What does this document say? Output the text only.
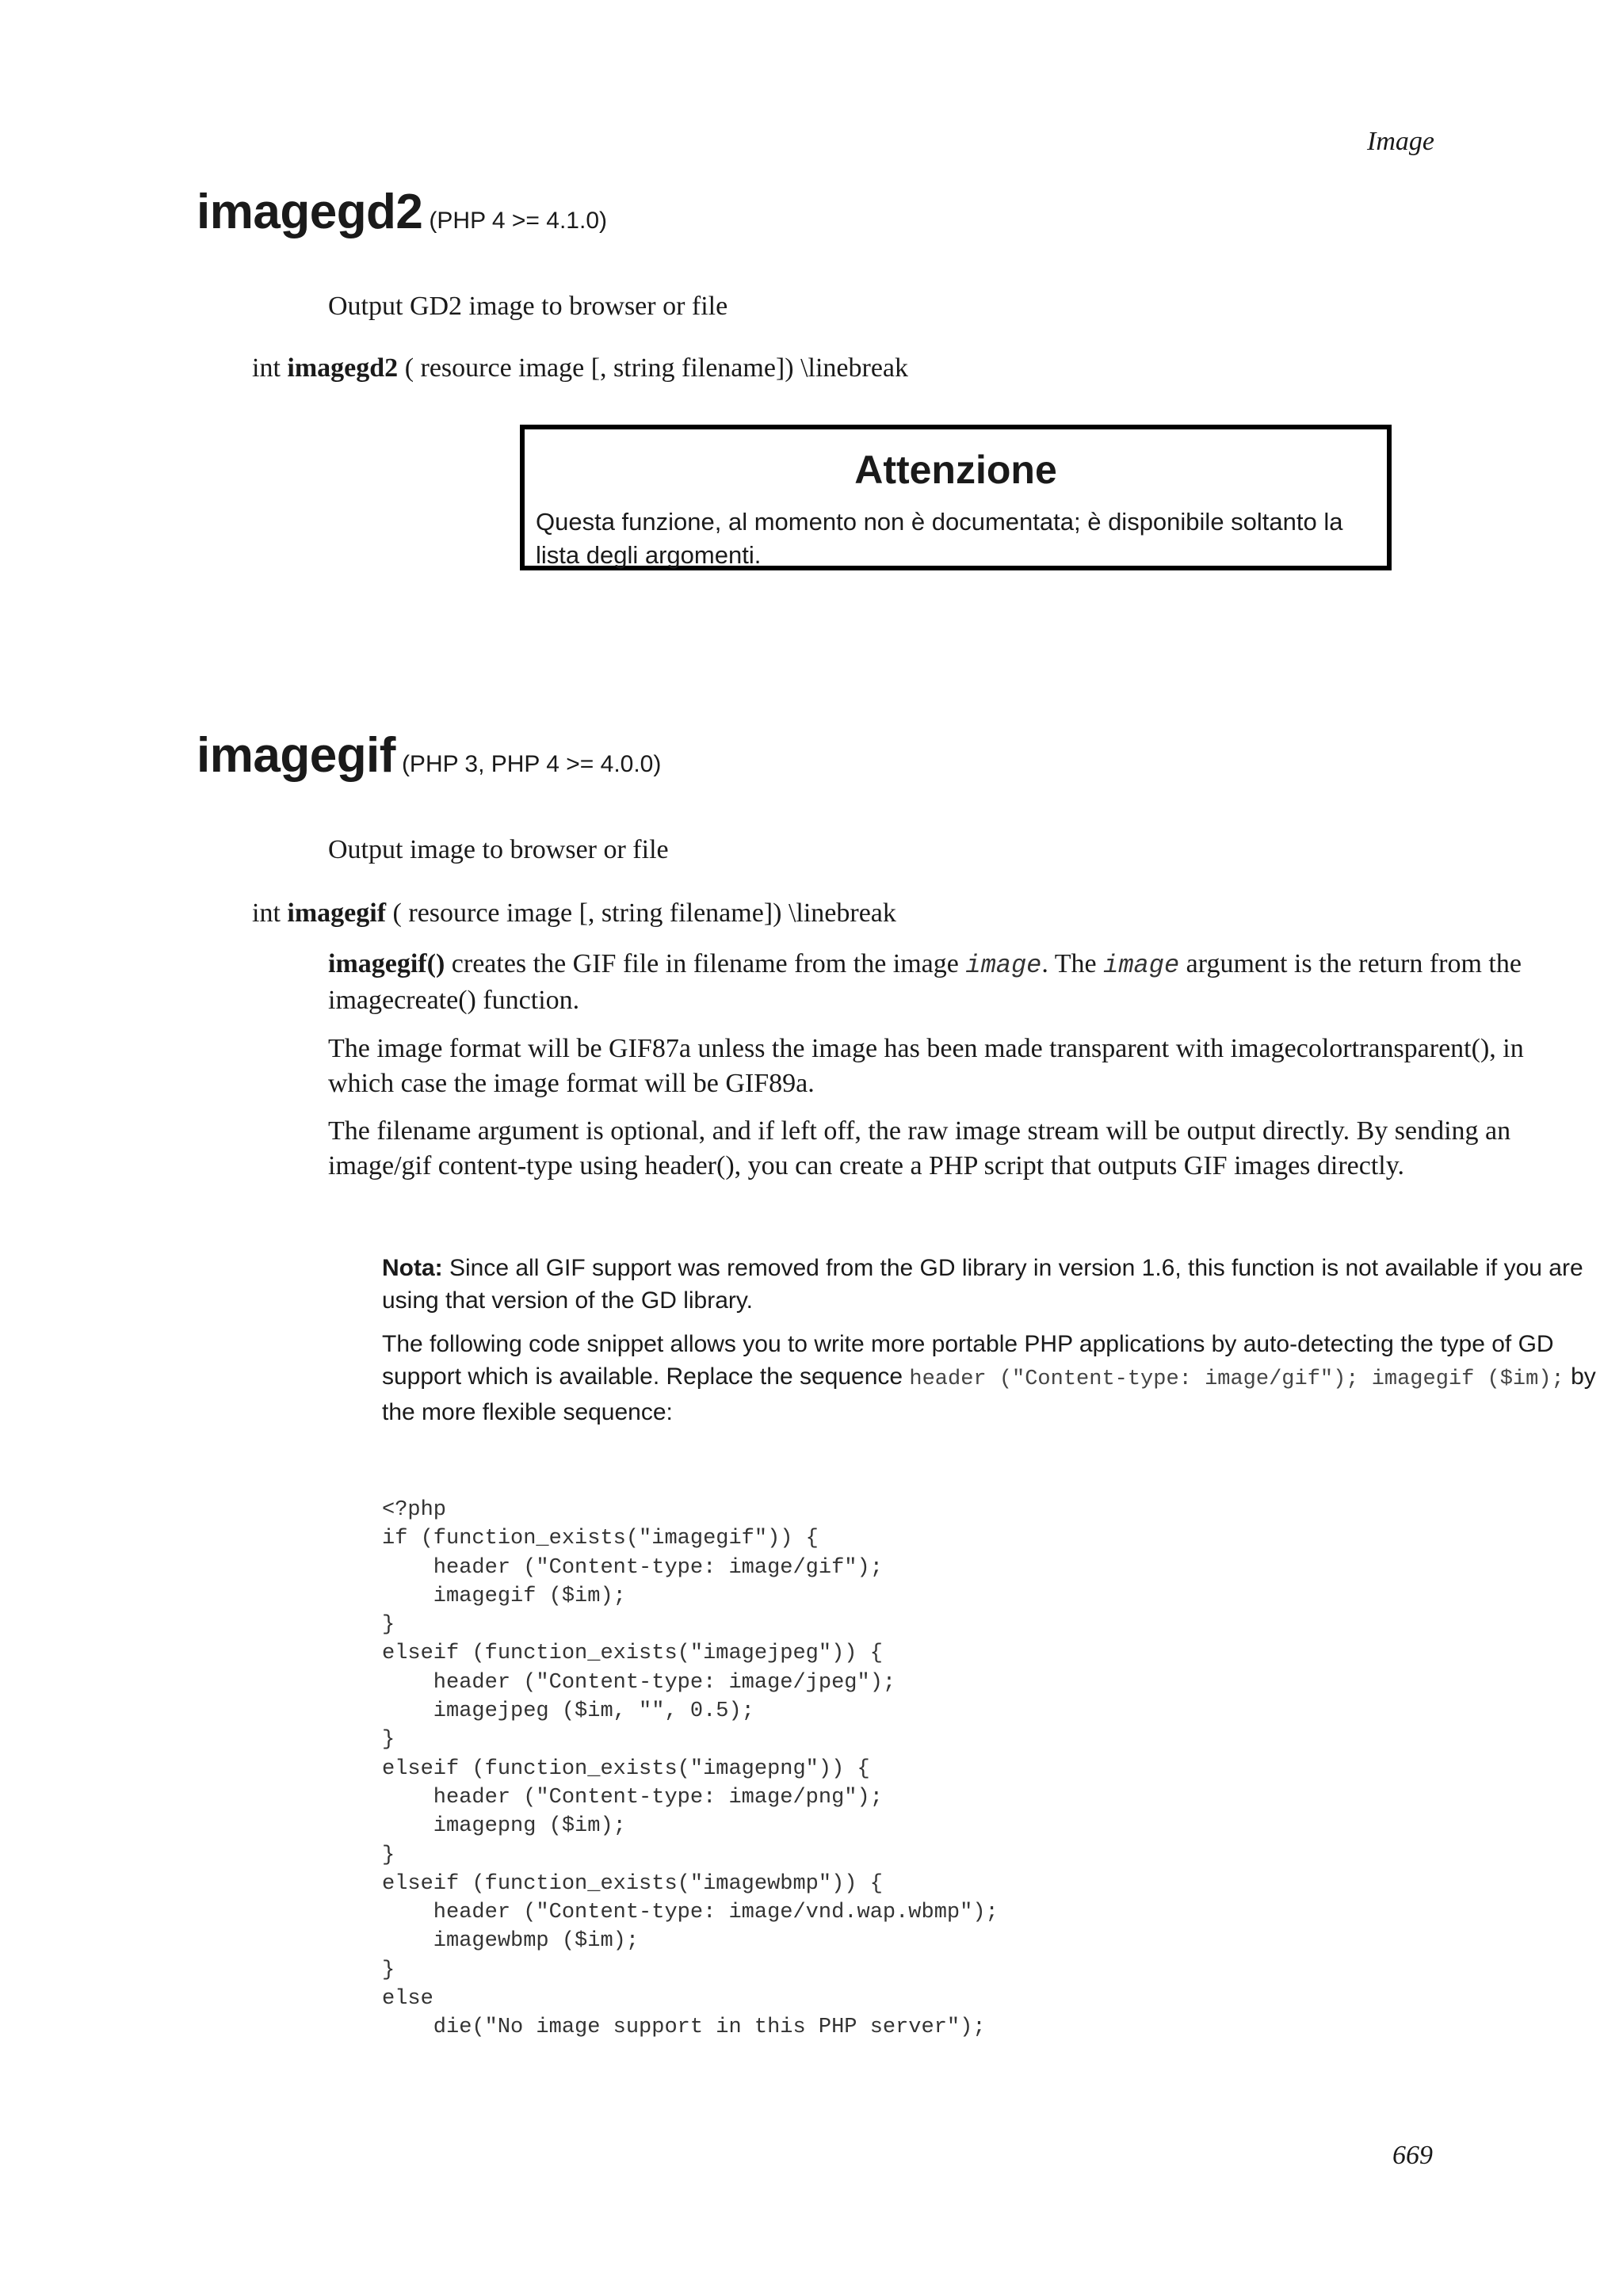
Image
imagegd2 (PHP 4 >= 4.1.0)
Output GD2 image to browser or file
int imagegd2 ( resource image [, string filename]) \linebreak
Attenzione
Questa funzione, al momento non è documentata; è disponibile soltanto la lista degli argomenti.
imagegif (PHP 3, PHP 4 >= 4.0.0)
Output image to browser or file
int imagegif ( resource image [, string filename]) \linebreak
imagegif() creates the GIF file in filename from the image image. The image argument is the return from the imagecreate() function.
The image format will be GIF87a unless the image has been made transparent with imagecolortransparent(), in which case the image format will be GIF89a.
The filename argument is optional, and if left off, the raw image stream will be output directly. By sending an image/gif content-type using header(), you can create a PHP script that outputs GIF images directly.
Nota: Since all GIF support was removed from the GD library in version 1.6, this function is not available if you are using that version of the GD library.
The following code snippet allows you to write more portable PHP applications by auto-detecting the type of GD support which is available. Replace the sequence header ("Content-type: image/gif"); imagegif ($im); by the more flexible sequence:
<?php
if (function_exists("imagegif")) {
header ("Content-type: image/gif");
imagegif ($im);
}
elseif (function_exists("imagejpeg")) {
header ("Content-type: image/jpeg");
imagejpeg ($im, "", 0.5);
}
elseif (function_exists("imagepng")) {
header ("Content-type: image/png");
imagepng ($im);
}
elseif (function_exists("imagewbmp")) {
header ("Content-type: image/vnd.wap.wbmp");
imagewbmp ($im);
}
else
die("No image support in this PHP server");
669
